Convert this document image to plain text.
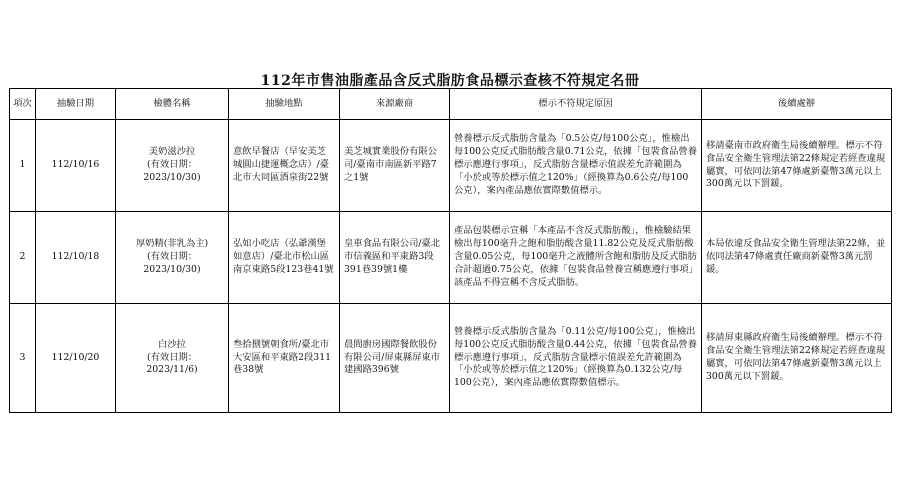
112年市售油脂產品含反式脂肪食品標示查核不符規定名冊
項次	抽驗日期	檢體名稱	抽驗地點	來源廠商	標示不符規定原因	後續處辦
1	112/10/16	美奶滋沙拉
(有效日期：
2023/10/30)	意飲早餐店（早安美芝城圓山捷運概念店）/臺北市大同區酒泉街22號	美芝城實業股份有限公司/臺南市南區新平路7之1號	營養標示反式脂肪含量為「0.5公克/每100公克」，惟檢出每100公克反式脂肪酸含量0.71公克，依據「包裝食品營養標示應遵行事項」，反式脂肪含量標示值誤差允許範圍為「小於或等於標示值之120%」（經換算為0.6公克/每100公克），案內產品應依實際數值標示。	移請臺南市政府衛生局後續辦理。標示不符食品安全衛生管理法第22條規定若經查違規屬實，可依同法第47條處新臺幣3萬元以上300萬元以下罰鍰。
2	112/10/18	厚奶精(非乳為主)
(有效日期：
2023/10/30)	弘如小吃店（弘爺漢堡如意店）/臺北市松山區南京東路5段123巷41號	皇車食品有限公司/臺北市信義區和平東路3段391巷39號1樓	產品包裝標示宣稱「本產品不含反式脂肪酸」，惟檢驗結果檢出每100毫升之飽和脂肪酸含量11.82公克及反式脂肪酸含量0.05公克，每100毫升之液體所含飽和脂肪及反式脂肪合計超過0.75公克，依據「包裝食品營養宣稱應遵行事項」該產品不得宣稱不含反式脂肪。	本局依違反食品安全衛生管理法第22條，並依同法第47條處責任廠商新臺幣3萬元罰鍰。
3	112/10/20	白沙拉
(有效日期：
2023/11/6)	叁拾捌號朝食所/臺北市大安區和平東路2段311巷38號	晨間廚房國際餐飲股份有限公司/屏東縣屏東市建國路396號	營養標示反式脂肪含量為「0.11公克/每100公克」，惟檢出每100公克反式脂肪酸含量0.44公克，依據「包裝食品營養標示應遵行事項」，反式脂肪含量標示值誤差允許範圍為「小於或等於標示值之120%」（經換算為0.132公克/每100公克），案內產品應依實際數值標示。	移請屏東縣政府衛生局後續辦理。標示不符食品安全衛生管理法第22條規定若經查違規屬實，可依同法第47條處新臺幣3萬元以上300萬元以下罰鍰。
